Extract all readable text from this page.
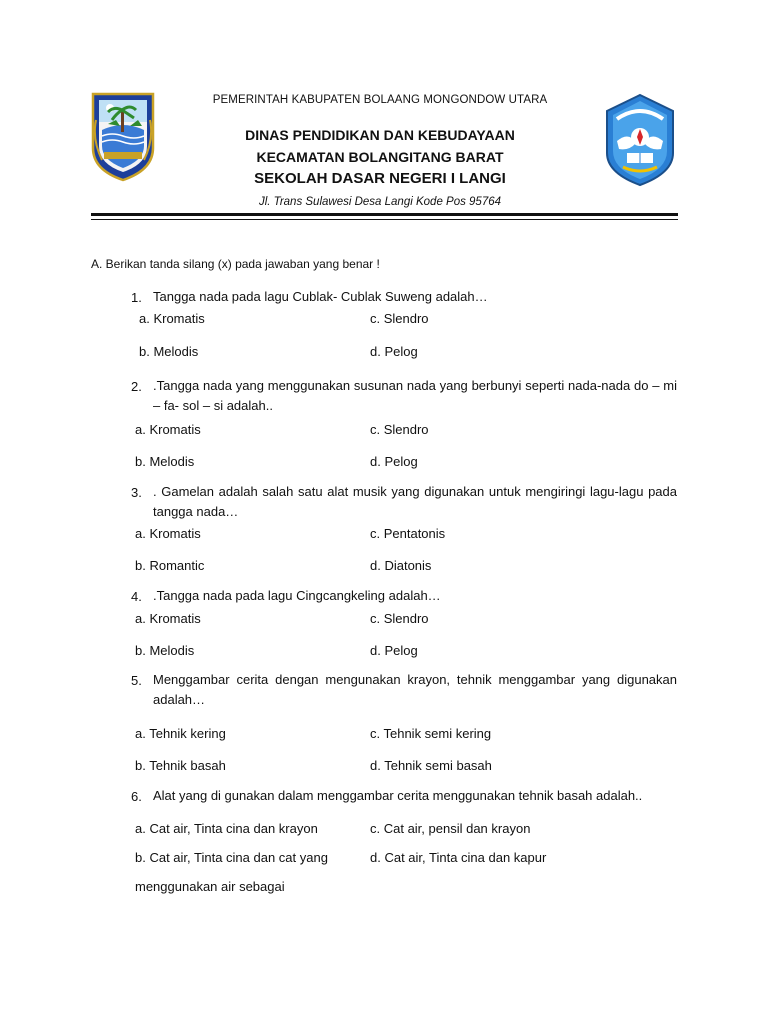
PEMERINTAH KABUPATEN BOLAANG MONGONDOW UTARA
DINAS PENDIDIKAN DAN KEBUDAYAAN
KECAMATAN BOLANGITANG BARAT
SEKOLAH DASAR NEGERI I LANGI
Jl. Trans Sulawesi Desa Langi Kode Pos 95764
A. Berikan tanda silang (x) pada jawaban yang benar !
1. Tangga nada pada lagu Cublak- Cublak Suweng adalah…
a. Kromatis	c. Slendro
b. Melodis	d. Pelog
2. .Tangga nada yang menggunakan susunan nada yang berbunyi seperti nada-nada do – mi – fa- sol – si adalah..
a. Kromatis	c. Slendro
b. Melodis	d. Pelog
3. . Gamelan adalah salah satu alat musik yang digunakan untuk mengiringi lagu-lagu pada tangga nada…
a. Kromatis	c. Pentatonis
b. Romantic	d. Diatonis
4. .Tangga nada pada lagu Cingcangkeling adalah…
a. Kromatis	c. Slendro
b. Melodis	d. Pelog
5. Menggambar cerita dengan mengunakan krayon, tehnik menggambar yang digunakan adalah…
a. Tehnik kering	c. Tehnik semi kering
b. Tehnik basah	d. Tehnik semi basah
6. Alat yang di gunakan dalam menggambar cerita menggunakan tehnik basah adalah..
a. Cat air, Tinta cina dan krayon	c. Cat air, pensil dan krayon
b. Cat air, Tinta cina dan cat yang	d. Cat air, Tinta cina dan kapur
menggunakan air sebagai
